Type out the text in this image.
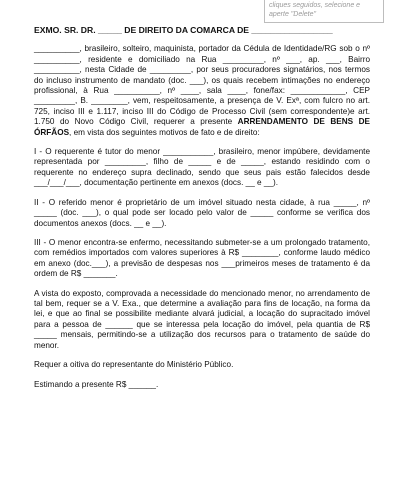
cliques seguidos, selecione e aperte "Delete"

EXMO. SR. DR. _____ DE DIREITO DA COMARCA DE _________________

__________, brasileiro, solteiro, maquinista, portador da Cédula de Identidade/RG sob o nº __________, residente e domiciliado na Rua _________, nº ___, ap. ___, Bairro __________, nesta Cidade de _________, por seus procuradores signatários, nos termos do incluso instrumento de mandato (doc. ___), os quais recebem intimações no endereço profissional, à Rua __________, nº ____, sala ____, fone/fax: ____________, CEP _________, B. ________, vem, respeitosamente, a presença de V. Exª, com fulcro no art. 725, inciso III e 1.117, inciso III do Código de Processo Civil (sem correspondente)e art. 1.750 do Novo Código Civil, requerer a presente ARRENDAMENTO DE BENS DE ÓRFÃOS, em vista dos seguintes motivos de fato e de direito:

I - O requerente é tutor do menor ___________, brasileiro, menor impúbere, devidamente representada por _________, filho de _____ e de _____, estando residindo com o requerente no endereço supra declinado, sendo que seus pais estão falecidos desde ___/___/___, documentação pertinente em anexos (docs. __ e __).

II - O referido menor é proprietário de um imóvel situado nesta cidade, à rua _____, nº _____ (doc. ___), o qual pode ser locado pelo valor de _____ conforme se verifica dos documentos anexos (docs. __ e __).

III - O menor encontra-se enfermo, necessitando submeter-se a um prolongado tratamento, com remédios importados com valores superiores à R$ ________, conforme laudo médico em anexo (doc.___), a previsão de despesas nos ___primeiros meses de tratamento é da ordem de R$ _______.

A vista do exposto, comprovada a necessidade do mencionado menor, no arrendamento de tal bem, requer se a V. Exa., que determine a avaliação para fins de locação, na forma da lei, e que ao final se possibilite mediante alvará judicial, a locação do supracitado imóvel para a pessoa de ______ que se interessa pela locação do imóvel, pela quantia de R$ _____ mensais, permitindo-se a utilização dos recursos para o tratamento de saúde do menor.

Requer a oitiva do representante do Ministério Público.

Estimando a presente R$ ______.
